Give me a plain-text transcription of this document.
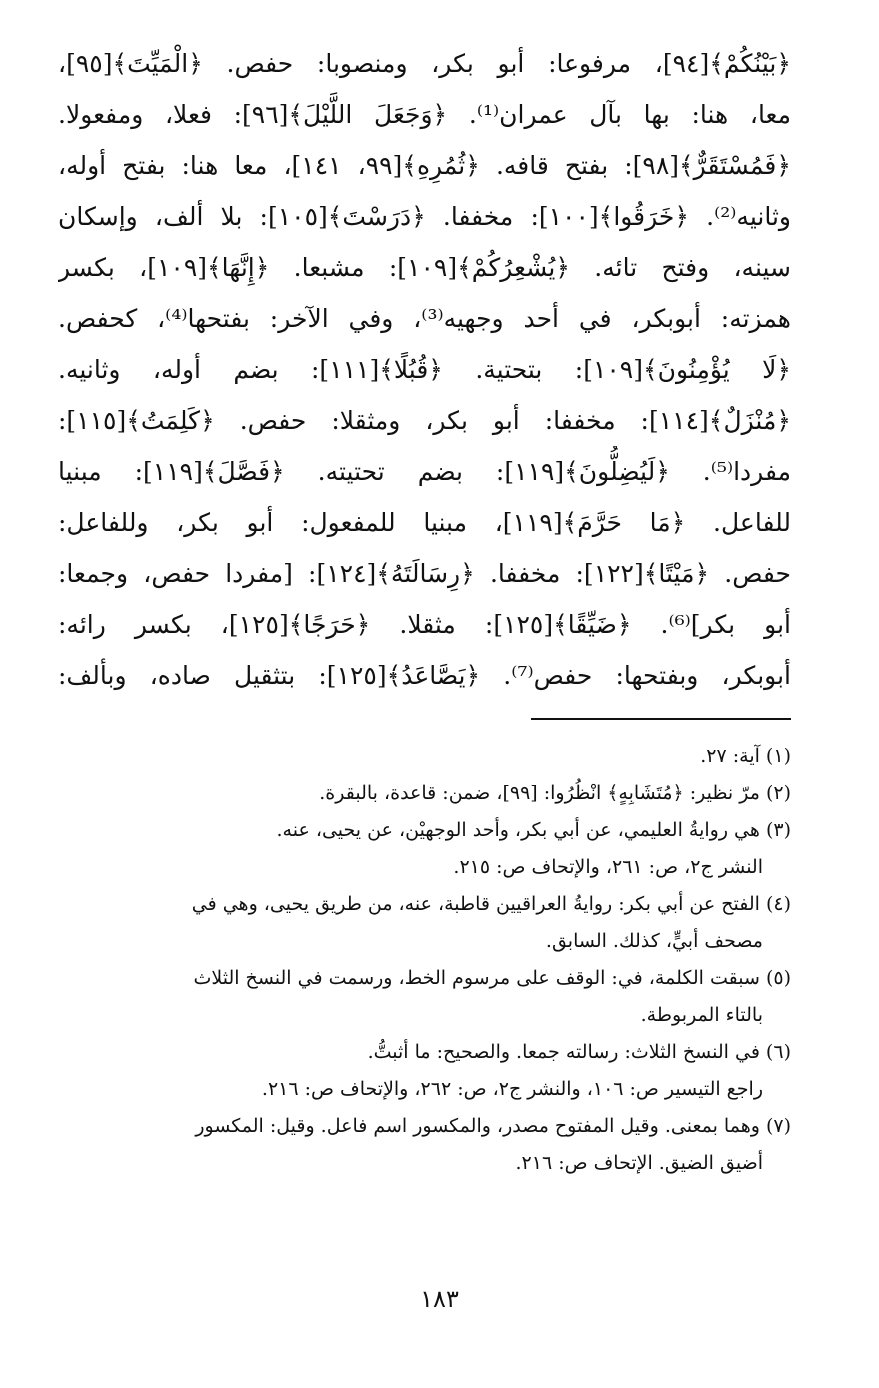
﴿بَيْنُكُمْ﴾[٩٤]، مرفوعا: أبو بكر، ومنصوبا: حفص. ﴿الْمَيِّتَ﴾[٩٥]،
معا، هنا: بها بآل عمران⁽¹⁾. ﴿وَجَعَلَ اللَّيْلَ﴾[٩٦]: فعلا، ومفعولا.
﴿فَمُسْتَقَرٌّ﴾[٩٨]: بفتح قافه. ﴿ثُمُرِهِ﴾[٩٩، ١٤١]، معا هنا: بفتح أوله،
وثانيه⁽²⁾. ﴿خَرَقُوا﴾[١٠٠]: مخففا. ﴿دَرَسْتَ﴾[١٠٥]: بلا ألف، وإسكان
سينه، وفتح تائه. ﴿يُشْعِرُكُمْ﴾[١٠٩]: مشبعا. ﴿إِنَّهَا﴾[١٠٩]، بكسر
همزته: أبوبكر، في أحد وجهيه⁽³⁾، وفي الآخر: بفتحها⁽⁴⁾، كحفص.
﴿لَا يُؤْمِنُونَ﴾[١٠٩]: بتحتية. ﴿قُبُلًا﴾[١١١]: بضم أوله، وثانيه.
﴿مُنْزَلٌ﴾[١١٤]: مخففا: أبو بكر، ومثقلا: حفص. ﴿كَلِمَتُ﴾[١١٥]:
مفردا⁽⁵⁾. ﴿لَيُضِلُّونَ﴾[١١٩]: بضم تحتيته. ﴿فَصَّلَ﴾[١١٩]: مبنيا
للفاعل. ﴿مَا حَرَّمَ﴾[١١٩]، مبنيا للمفعول: أبو بكر، وللفاعل:
حفص. ﴿مَيْتًا﴾[١٢٢]: مخففا. ﴿رِسَالَتَهُ﴾[١٢٤]: [مفردا حفص، وجمعا:
أبو بكر]⁽⁶⁾. ﴿ضَيِّقًا﴾[١٢٥]: مثقلا. ﴿حَرَجًا﴾[١٢٥]، بكسر رائه:
أبوبكر، وبفتحها: حفص⁽⁷⁾. ﴿يَصَّاعَدُ﴾[١٢٥]: بتثقيل صاده، وبألف:
(١) آية: ٢٧.
(٢) مرّ نظير: ﴿مُتَشَابِهٍ﴾ انْظُرُوا: [٩٩]، ضمن: قاعدة، بالبقرة.
(٣) هي روايةُ العليمي، عن أبي بكر، وأحد الوجهيْن، عن يحيى، عنه.
النشر ج٢، ص: ٢٦١، والإتحاف ص: ٢١٥.
(٤) الفتح عن أبي بكر: روايةُ العراقيين قاطبة، عنه، من طريق يحيى، وهي في
مصحف أبيٍّ، كذلك. السابق.
(٥) سبقت الكلمة، في: الوقف على مرسوم الخط، ورسمت في النسخ الثلاث
بالتاء المربوطة.
(٦) في النسخ الثلاث: رسالته جمعا. والصحيح: ما أثبتُّ.
راجع التيسير ص: ١٠٦، والنشر ج٢، ص: ٢٦٢، والإتحاف ص: ٢١٦.
(٧) وهما بمعنى. وقيل المفتوح مصدر، والمكسور اسم فاعل. وقيل: المكسور
أضيق الضيق. الإتحاف ص: ٢١٦.
١٨٣
